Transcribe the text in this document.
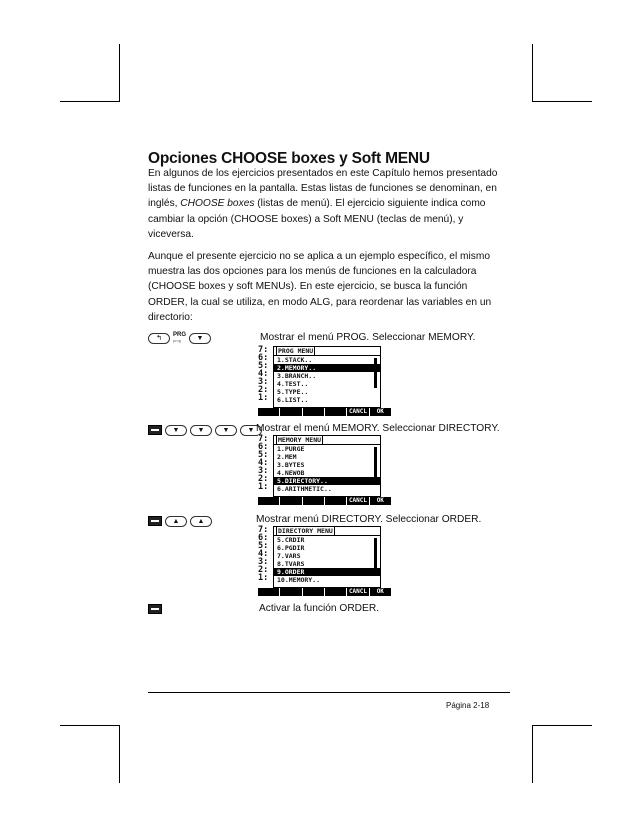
Opciones CHOOSE boxes y Soft MENU

En algunos de los ejercicios presentados en este Capítulo hemos presentado listas de funciones en la pantalla. Estas listas de funciones se denominan, en inglés, CHOOSE boxes (listas de menú). El ejercicio siguiente indica como cambiar la opción (CHOOSE boxes) a Soft MENU (teclas de menú), y viceversa.

Aunque el presente ejercicio no se aplica a un ejemplo específico, el mismo muestra las dos opciones para los menús de funciones en la calculadora (CHOOSE boxes y soft MENUs). En este ejercicio, se busca la función ORDER, la cual se utiliza, en modo ALG, para reordenar las variables en un directorio:

↰	PRG
prog	▼	Mostrar el menú PROG. Seleccionar MEMORY.
7:
6:
5:
4:
3:
2:
1:
PROG MENU
1.STACK..
2.MEMORY..
3.BRANCH..
4.TEST..
5.TYPE..
6.LIST..
CANCL	OK
▼	▼	▼	▼ Mostrar el menú MEMORY. Seleccionar DIRECTORY.
7:
6:
5:
4:
3:
2:
1:
MEMORY MENU
1.PURGE
2.MEM
3.BYTES
4.NEWOB
5.DIRECTORY..
6.ARITHMETIC..
CANCL	OK
▲	▲	Mostrar menú DIRECTORY. Seleccionar ORDER.
7:
6:
5:
4:
3:
2:
1:
DIRECTORY MENU
5.CRDIR
6.PGDIR
7.VARS
8.TVARS
9.ORDER
10.MEMORY..
CANCL	OK
Activar la función ORDER.
Página 2-18
